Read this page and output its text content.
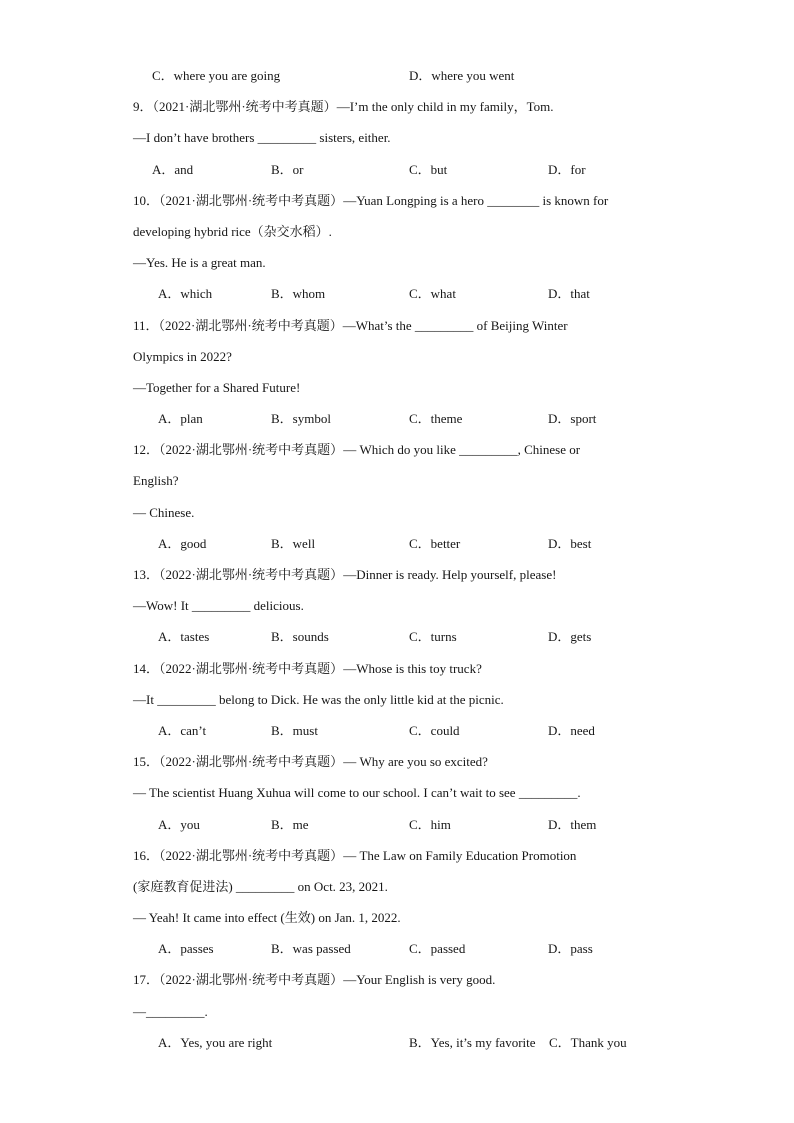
C．where you are going	D．where you went
9．（2021·湖北鄂州·统考中考真题）—I’m the only child in my family，Tom.
—I don’t have brothers _________ sisters, either.
A．and	B．or	C．but	D．for
10．（2021·湖北鄂州·统考中考真题）—Yuan Longping is a hero ________ is known for
developing hybrid rice（杂交水稻）.
—Yes. He is a great man.
A．which	B．whom	C．what	D．that
11．（2022·湖北鄂州·统考中考真题）—What’s the _________ of Beijing Winter
Olympics in 2022?
—Together for a Shared Future!
A．plan	B．symbol	C．theme	D．sport
12．（2022·湖北鄂州·统考中考真题）— Which do you like _________, Chinese or
English?
— Chinese.
A．good	B．well	C．better	D．best
13．（2022·湖北鄂州·统考中考真题）—Dinner is ready. Help yourself, please!
—Wow! It _________ delicious.
A．tastes	B．sounds	C．turns	D．gets
14．（2022·湖北鄂州·统考中考真题）—Whose is this toy truck?
—It _________ belong to Dick. He was the only little kid at the picnic.
A．can’t	B．must	C．could	D．need
15．（2022·湖北鄂州·统考中考真题）— Why are you so excited?
— The scientist Huang Xuhua will come to our school. I can’t wait to see _________.
A．you	B．me	C．him	D．them
16．（2022·湖北鄂州·统考中考真题）— The Law on Family Education Promotion
(家庭教育促进法) _________ on Oct. 23, 2021.
— Yeah! It came into effect (生效) on Jan. 1, 2022.
A．passes	B．was passed	C．passed	D．pass
17．（2022·湖北鄂州·统考中考真题）—Your English is very good.
—_________.
A．Yes, you are right	B．Yes, it’s my favorite C．Thank you
